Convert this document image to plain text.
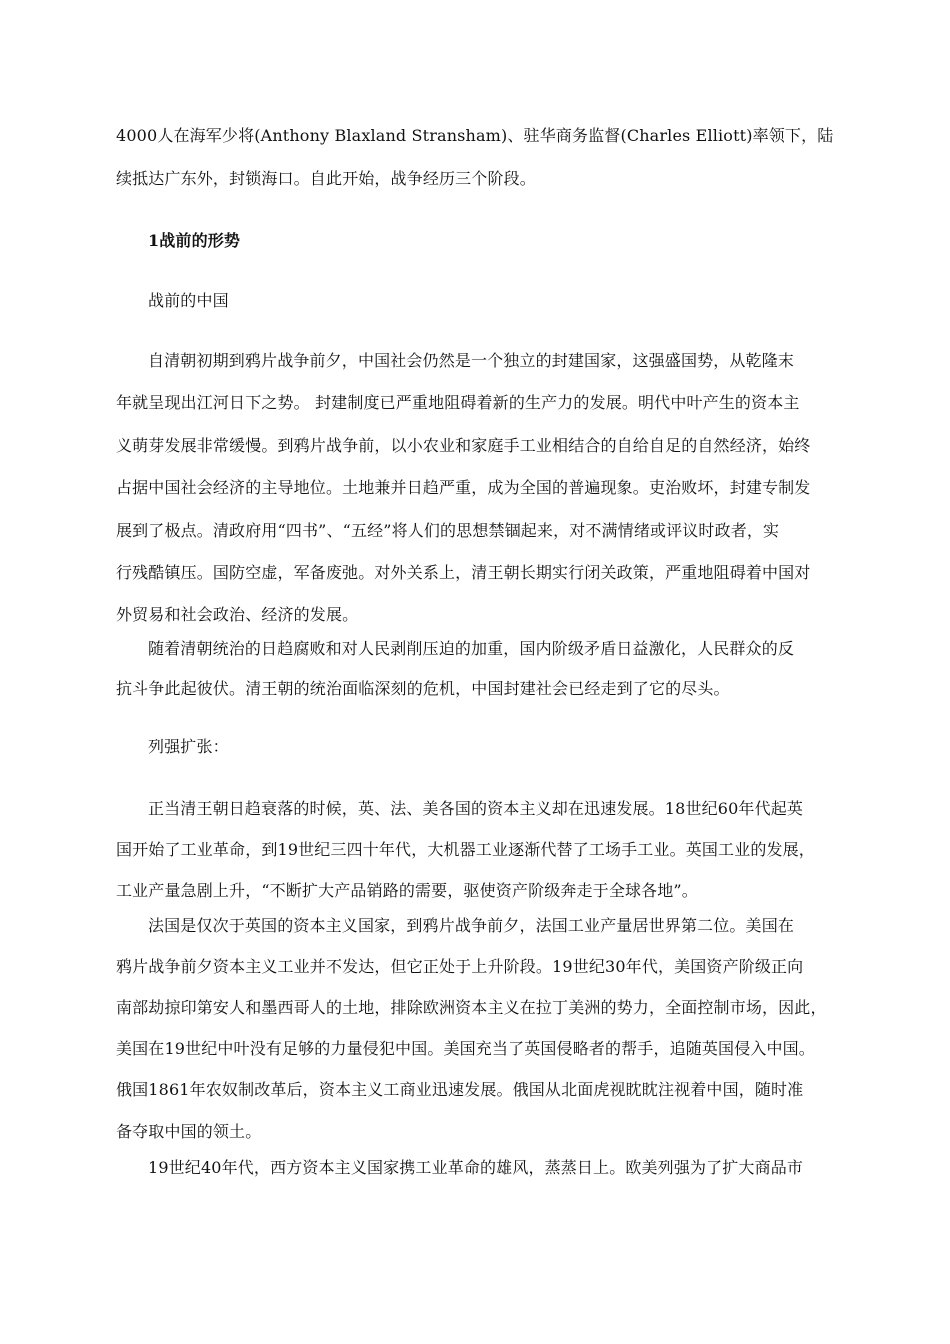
4000人在海军少将(Anthony Blaxland Stransham)、驻华商务监督(Charles Elliott)率领下，陆
续抵达广东外，封锁海口。自此开始，战争经历三个阶段。
1战前的形势
战前的中国
自清朝初期到鸦片战争前夕，中国社会仍然是一个独立的封建国家，这强盛国势，从乾隆末
年就呈现出江河日下之势。 封建制度已严重地阻碍着新的生产力的发展。明代中叶产生的资本主
义萌芽发展非常缓慢。到鸦片战争前，以小农业和家庭手工业相结合的自给自足的自然经济，始终
占据中国社会经济的主导地位。土地兼并日趋严重，成为全国的普遍现象。吏治败坏，封建专制发
展到了极点。清政府用“四书”、“五经”将人们的思想禁锢起来，对不满情绪或评议时政者，实
行残酷镇压。国防空虚，军备废弛。对外关系上，清王朝长期实行闭关政策，严重地阻碍着中国对
外贸易和社会政治、经济的发展。
随着清朝统治的日趋腐败和对人民剥削压迫的加重，国内阶级矛盾日益激化，人民群众的反
抗斗争此起彼伏。清王朝的统治面临深刻的危机，中国封建社会已经走到了它的尽头。
列强扩张：
正当清王朝日趋衰落的时候，英、法、美各国的资本主义却在迅速发展。18世纪60年代起英
国开始了工业革命，到19世纪三四十年代，大机器工业逐渐代替了工场手工业。英国工业的发展，
工业产量急剧上升，“不断扩大产品销路的需要，驱使资产阶级奔走于全球各地”。
法国是仅次于英国的资本主义国家，到鸦片战争前夕，法国工业产量居世界第二位。美国在
鸦片战争前夕资本主义工业并不发达，但它正处于上升阶段。19世纪30年代，美国资产阶级正向
南部劫掠印第安人和墨西哥人的土地，排除欧洲资本主义在拉丁美洲的势力，全面控制市场，因此，
美国在19世纪中叶没有足够的力量侵犯中国。美国充当了英国侵略者的帮手，追随英国侵入中国。
俄国1861年农奴制改革后，资本主义工商业迅速发展。俄国从北面虎视眈眈注视着中国，随时准
备夺取中国的领土。
19世纪40年代，西方资本主义国家携工业革命的雄风，蒸蒸日上。欧美列强为了扩大商品市
